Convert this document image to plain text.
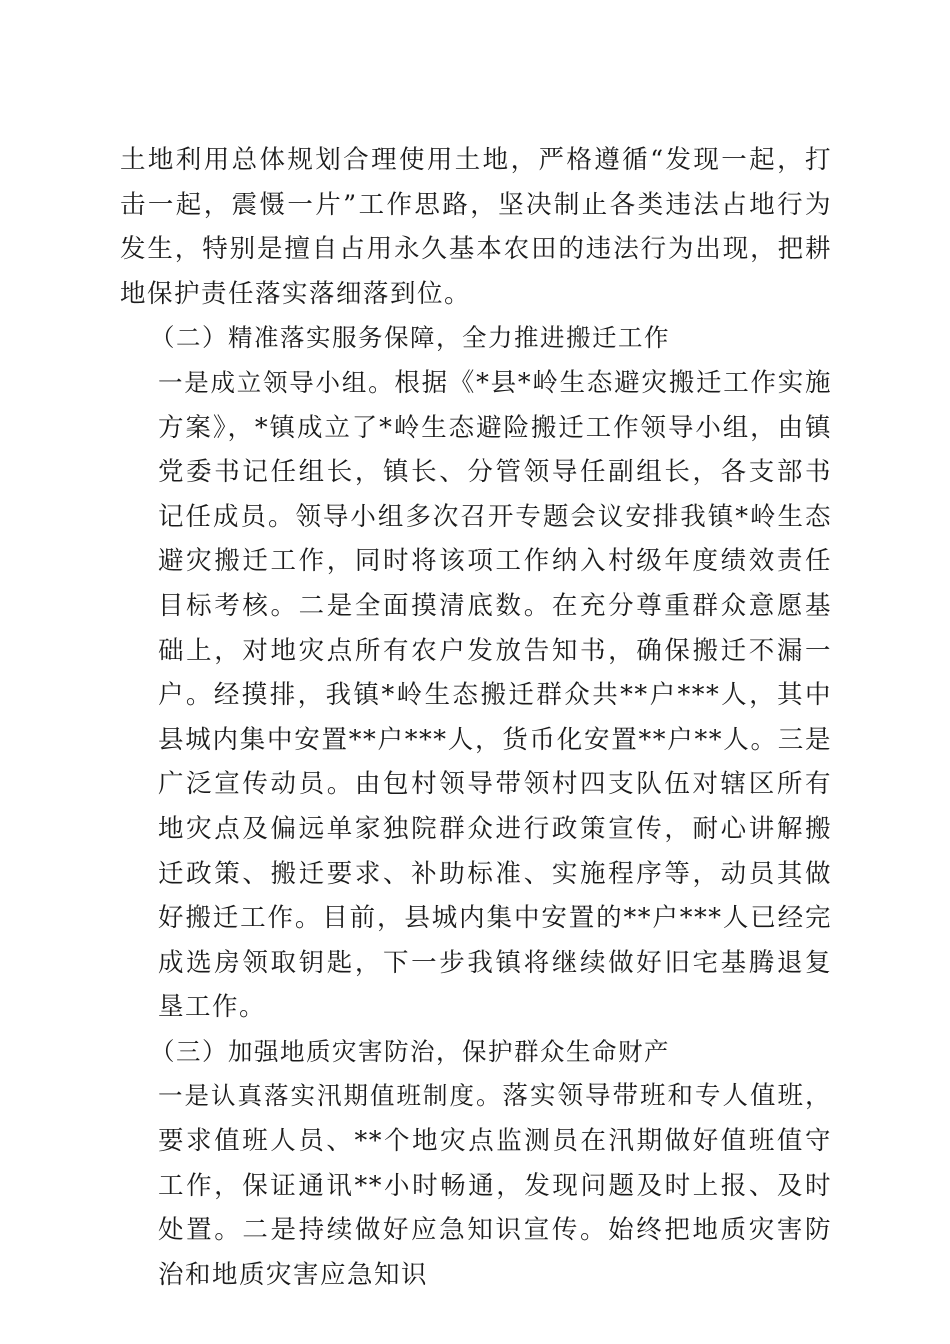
土地利用总体规划合理使用土地，严格遵循“发现一起，打击一起，震慑一片”工作思路，坚决制止各类违法占地行为发生，特别是擅自占用永久基本农田的违法行为出现，把耕地保护责任落实落细落到位。

（二）精准落实服务保障，全力推进搬迁工作

一是成立领导小组。根据《*县*岭生态避灾搬迁工作实施方案》，*镇成立了*岭生态避险搬迁工作领导小组，由镇党委书记任组长，镇长、分管领导任副组长，各支部书记任成员。领导小组多次召开专题会议安排我镇*岭生态避灾搬迁工作，同时将该项工作纳入村级年度绩效责任目标考核。二是全面摸清底数。在充分尊重群众意愿基础上，对地灾点所有农户发放告知书，确保搬迁不漏一户。经摸排，我镇*岭生态搬迁群众共**户***人，其中县城内集中安置**户***人，货币化安置**户**人。三是广泛宣传动员。由包村领导带领村四支队伍对辖区所有地灾点及偏远单家独院群众进行政策宣传，耐心讲解搬迁政策、搬迁要求、补助标准、实施程序等，动员其做好搬迁工作。目前，县城内集中安置的**户***人已经完成选房领取钥匙，下一步我镇将继续做好旧宅基腾退复垦工作。

（三）加强地质灾害防治，保护群众生命财产

一是认真落实汛期值班制度。落实领导带班和专人值班，要求值班人员、**个地灾点监测员在汛期做好值班值守工作，保证通讯**小时畅通，发现问题及时上报、及时处置。二是持续做好应急知识宣传。始终把地质灾害防治和地质灾害应急知识
